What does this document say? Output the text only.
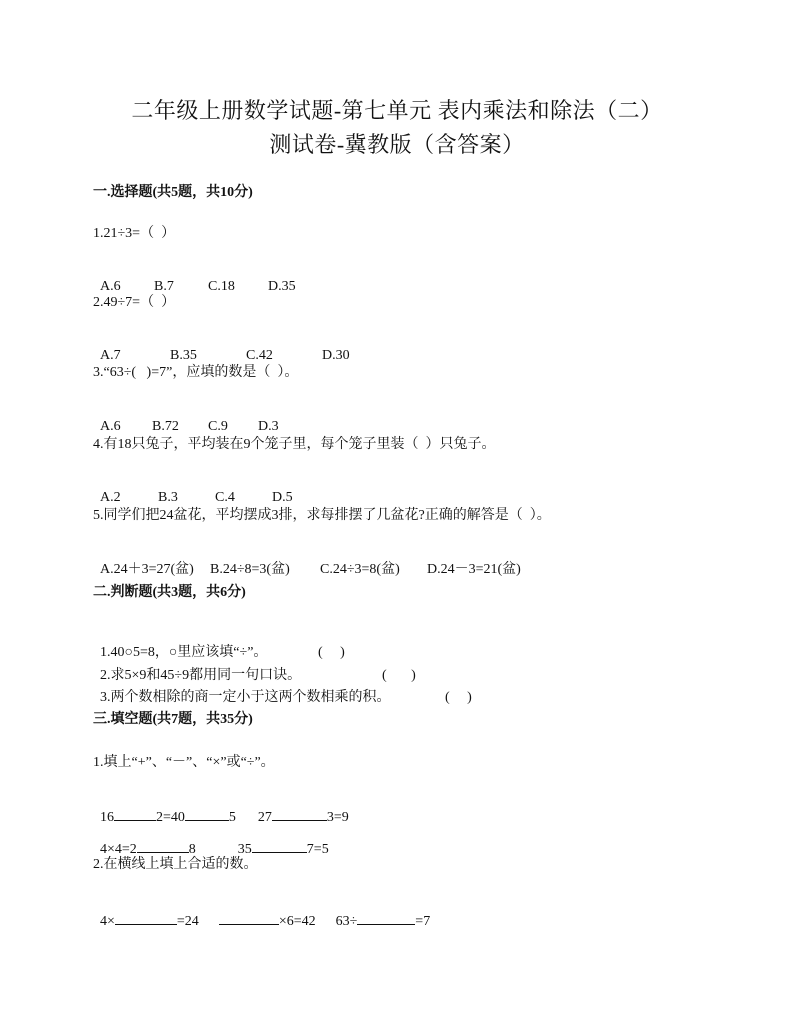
二年级上册数学试题-第七单元 表内乘法和除法（二）
测试卷-冀教版（含答案）
一.选择题(共5题，共10分)
1.21÷3=（  ）

A.6 B.7 C.18 D.35

2.49÷7=（  ）

A.7	B.35	C.42	D.30

3.“63÷(   )=7”，应填的数是（  ）。

A.6 B.72 C.9 D.3

4.有18只兔子，平均装在9个笼子里，每个笼子里装（  ）只兔子。

A.2	B.3	C.4	D.5

5.同学们把24盆花，平均摆成3排，求每排摆了几盆花?正确的解答是（  ）。

A.24＋3=27(盆) B.24÷8=3(盆) C.24÷3=8(盆) D.24－3=21(盆)

二.判断题(共3题，共6分)

1.40○5=8，○里应该填“÷”。	(     )

2.求5×9和45÷9都用同一句口诀。	(       )

3.两个数相除的商一定小于这两个数相乘的积。	(     )

三.填空题(共7题，共35分)
1.填上“+”、“－”、“×”或“÷”。

16	2=40	5 27	3=9

4×4=2	8	35	7=5

2.在横线上填上合适的数。

4×	=24	×6=42 63÷	=7
